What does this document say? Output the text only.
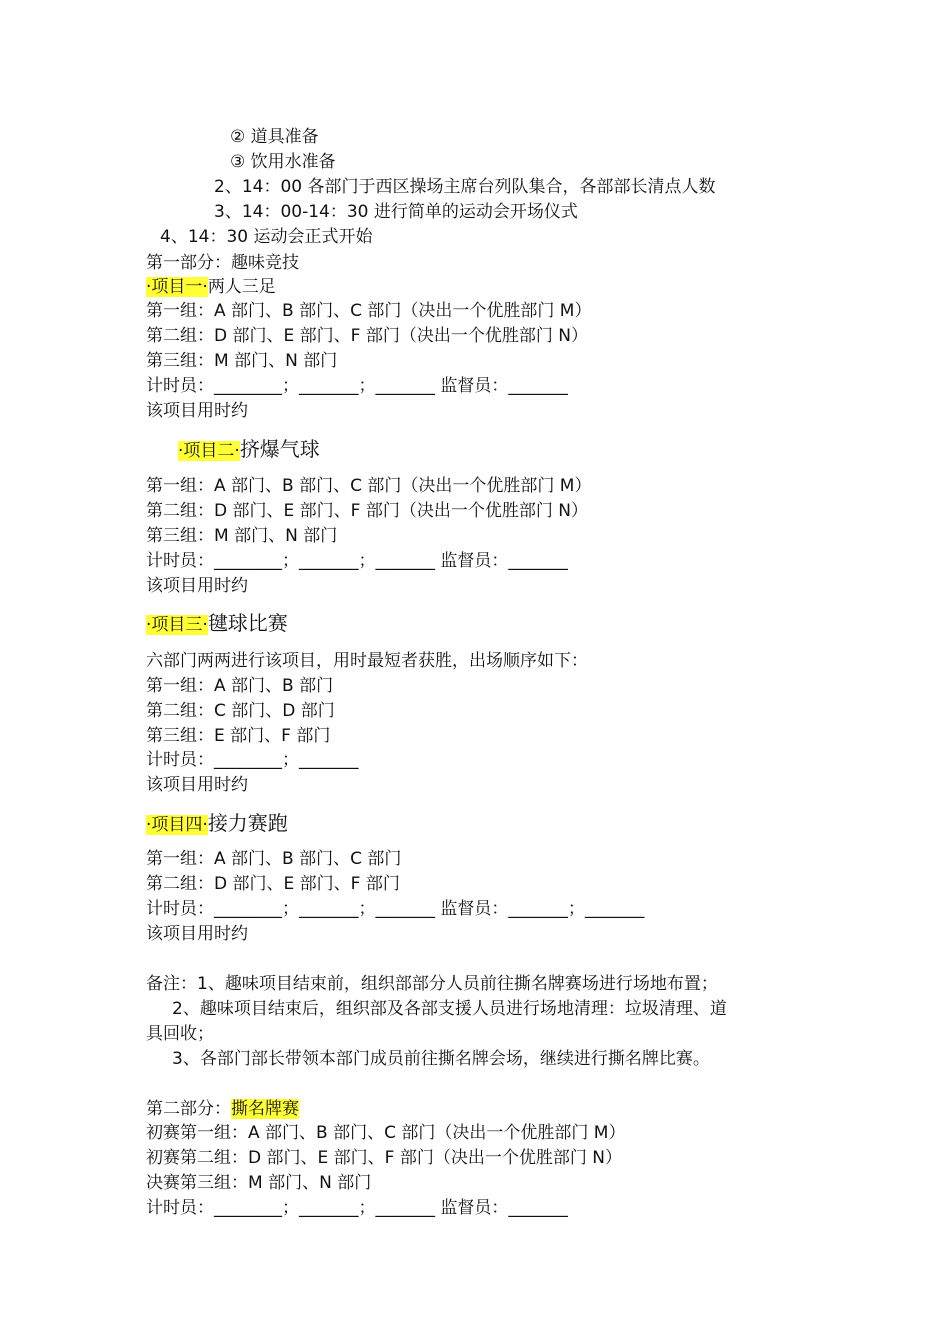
② 道具准备
③ 饮用水准备
2、14：00 各部门于西区操场主席台列队集合，各部部长清点人数
3、14：00-14：30 进行简单的运动会开场仪式
4、14：30 运动会正式开始
第一部分：趣味竞技
·项目一·两人三足
第一组：A 部门、B 部门、C 部门（决出一个优胜部门 M）
第二组：D 部门、E 部门、F 部门（决出一个优胜部门 N）
第三组：M 部门、N 部门
计时员：________；_______；_______ 监督员：_______
该项目用时约
·项目二·挤爆气球
第一组：A 部门、B 部门、C 部门（决出一个优胜部门 M）
第二组：D 部门、E 部门、F 部门（决出一个优胜部门 N）
第三组：M 部门、N 部门
计时员：________；_______；_______ 监督员：_______
该项目用时约
·项目三·毽球比赛
六部门两两进行该项目，用时最短者获胜，出场顺序如下：
第一组：A 部门、B 部门
第二组：C 部门、D 部门
第三组：E 部门、F 部门
计时员：________；_______
该项目用时约
·项目四·接力赛跑
第一组：A 部门、B 部门、C 部门
第二组：D 部门、E 部门、F 部门
计时员：________；_______；_______ 监督员：_______；_______
该项目用时约
备注：1、趣味项目结束前，组织部部分人员前往撕名牌赛场进行场地布置；
2、趣味项目结束后，组织部及各部支援人员进行场地清理：垃圾清理、道
具回收；
3、各部门部长带领本部门成员前往撕名牌会场，继续进行撕名牌比赛。
第二部分：撕名牌赛
初赛第一组：A 部门、B 部门、C 部门（决出一个优胜部门 M）
初赛第二组：D 部门、E 部门、F 部门（决出一个优胜部门 N）
决赛第三组：M 部门、N 部门
计时员：________；_______；_______ 监督员：_______
